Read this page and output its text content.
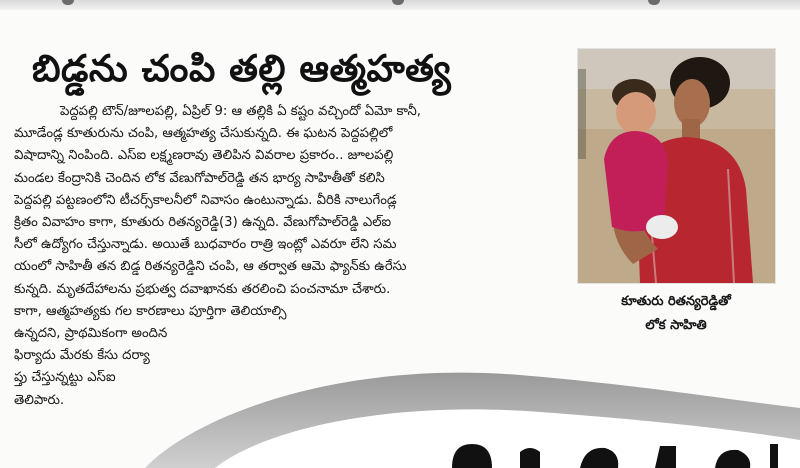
బిడ్డను చంపి తల్లి ఆత్మహత్య
పెద్దపల్లి టౌన్/జూలపల్లి, ఏప్రిల్ 9: ఆ తల్లికి ఏ కష్టం వచ్చిందో ఏమో కానీ,
మూడేండ్ల కూతురును చంపి, ఆత్మహత్య చేసుకున్నది. ఈ ఘటన పెద్దపల్లిలో
విషాదాన్ని నింపింది. ఎస్ఐ లక్ష్మణరావు తెలిపిన వివరాల ప్రకారం.. జూలపల్లి
మండల కేంద్రానికి చెందిన లోక వేణుగోపాల్‌రెడ్డి తన భార్య సాహితీతో కలిసి
పెద్దపల్లి పట్టణంలోని టీచర్స్‌కాలనీలో నివాసం ఉంటున్నాడు. వీరికి నాలుగేండ్ల
క్రితం వివాహం కాగా, కూతురు రితన్యరెడ్డి(3) ఉన్నది. వేణుగోపాల్‌రెడ్డి ఎల్ఐ
సీలో ఉద్యోగం చేస్తున్నాడు. అయితే బుధవారం రాత్రి ఇంట్లో ఎవరూ లేని సమ
యంలో సాహితీ తన బిడ్డ రితన్యరెడ్డిని చంపి, ఆ తర్వాత ఆమె ఫ్యాన్‌కు ఉరేసు
కున్నది. మృతదేహాలను ప్రభుత్వ దవాఖానకు తరలించి పంచనామా చేశారు.
కాగా, ఆత్మహత్యకు గల కారణాలు పూర్తిగా తెలియాల్సి
ఉన్నదని, ప్రాథమికంగా అందిన
ఫిర్యాదు మేరకు కేసు దర్యా
ప్తు చేస్తున్నట్టు ఎస్ఐ
తెలిపారు.
కూతురు రితన్యరెడ్డితో
లోక సాహితి
